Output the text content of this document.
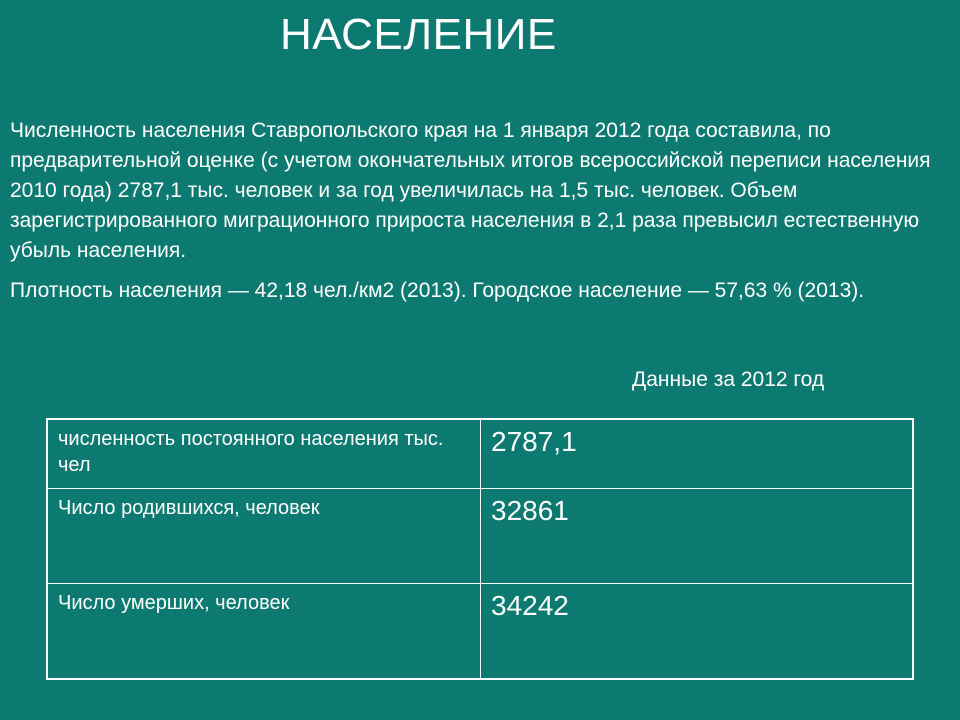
НАСЕЛЕНИЕ

Численность населения Ставропольского края на 1 января 2012 года составила, по предварительной оценке (с учетом окончательных итогов всероссийской переписи населения 2010 года) 2787,1 тыс. человек и за год увеличилась на 1,5 тыс. человек. Объем зарегистрированного миграционного прироста населения в 2,1 раза превысил естественную убыль населения.

Плотность населения — 42,18 чел./км2 (2013). Городское население — 57,63 % (2013).

Данные за 2012 год
численность постоянного населения тыс. чел	2787,1
Число родившихся, человек	32861
Число умерших, человек	34242
